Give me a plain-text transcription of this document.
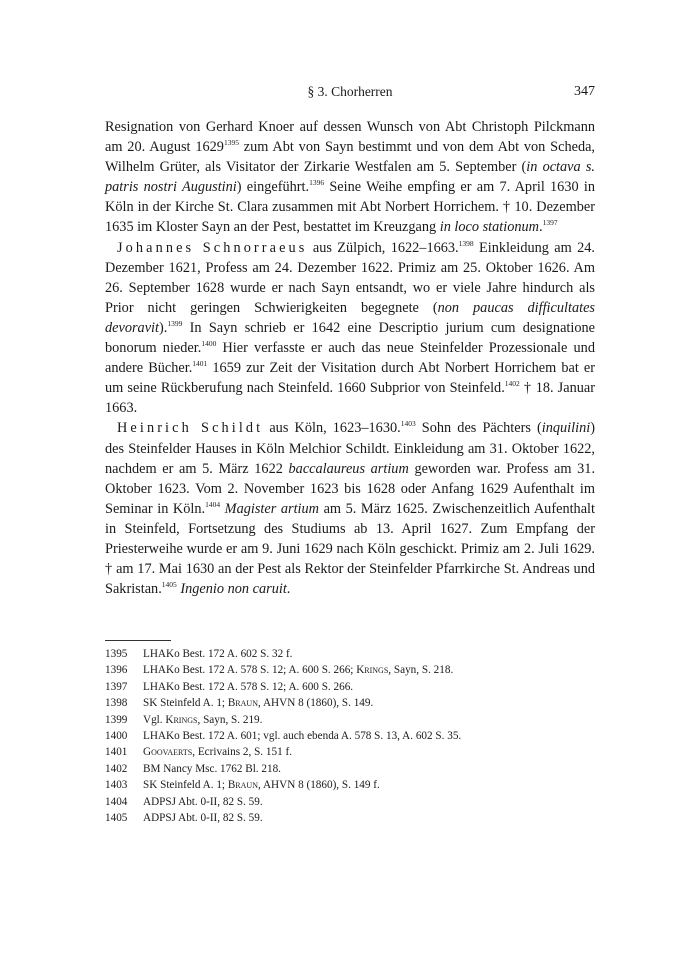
§ 3. Chorherren	347

Resignation von Gerhard Knoer auf dessen Wunsch von Abt Christoph Pilckmann am 20. August $1629^{1395}$ zum Abt von Sayn bestimmt und von dem Abt von Scheda, Wilhelm Grüter, als Visitator der Zirkarie Westfalen am 5. September (in octava s. patris nostri Augustini) eingeführt.$^{1396}$ Seine Weihe empfing er am 7. April 1630 in Köln in der Kirche St. Clara zusammen mit Abt Norbert Horrichem. † 10. Dezember 1635 im Kloster Sayn an der Pest, bestattet im Kreuzgang in loco stationum.$^{1397}$

Johannes Schnorraeus aus Zülpich, 1622–1663.$^{1398}$ Einkleidung am 24. Dezember 1621, Profess am 24. Dezember 1622. Primiz am 25. Oktober 1626. Am 26. September 1628 wurde er nach Sayn entsandt, wo er viele Jahre hindurch als Prior nicht geringen Schwierigkeiten begegnete (non paucas difficultates devoravit).$^{1399}$ In Sayn schrieb er 1642 eine Descriptio jurium cum designatione bonorum nieder.$^{1400}$ Hier verfasste er auch das neue Steinfelder Prozessionale und andere Bücher.$^{1401}$ 1659 zur Zeit der Visitation durch Abt Norbert Horrichem bat er um seine Rückberufung nach Steinfeld. 1660 Subprior von Steinfeld.$^{1402}$ † 18. Januar 1663.

Heinrich Schildt aus Köln, 1623–1630.$^{1403}$ Sohn des Pächters (inquilini) des Steinfelder Hauses in Köln Melchior Schildt. Einkleidung am 31. Oktober 1622, nachdem er am 5. März 1622 baccalaureus artium geworden war. Profess am 31. Oktober 1623. Vom 2. November 1623 bis 1628 oder Anfang 1629 Aufenthalt im Seminar in Köln.$^{1404}$ Magister artium am 5. März 1625. Zwischenzeitlich Aufenthalt in Steinfeld, Fortsetzung des Studiums ab 13. April 1627. Zum Empfang der Priesterweihe wurde er am 9. Juni 1629 nach Köln geschickt. Primiz am 2. Juli 1629. † am 17. Mai 1630 an der Pest als Rektor der Steinfelder Pfarrkirche St. Andreas und Sakristan.$^{1405}$ Ingenio non caruit.

1395	LHAKo Best. 172 A. 602 S. 32 f.
1396	LHAKo Best. 172 A. 578 S. 12; A. 600 S. 266; Krings, Sayn, S. 218.
1397	LHAKo Best. 172 A. 578 S. 12; A. 600 S. 266.
1398	SK Steinfeld A. 1; Braun, AHVN 8 (1860), S. 149.
1399	Vgl. Krings, Sayn, S. 219.
1400	LHAKo Best. 172 A. 601; vgl. auch ebenda A. 578 S. 13, A. 602 S. 35.
1401	Goovaerts, Ecrivains 2, S. 151 f.
1402	BM Nancy Msc. 1762 Bl. 218.
1403	SK Steinfeld A. 1; Braun, AHVN 8 (1860), S. 149 f.
1404	ADPSJ Abt. 0-II, 82 S. 59.
1405	ADPSJ Abt. 0-II, 82 S. 59.
